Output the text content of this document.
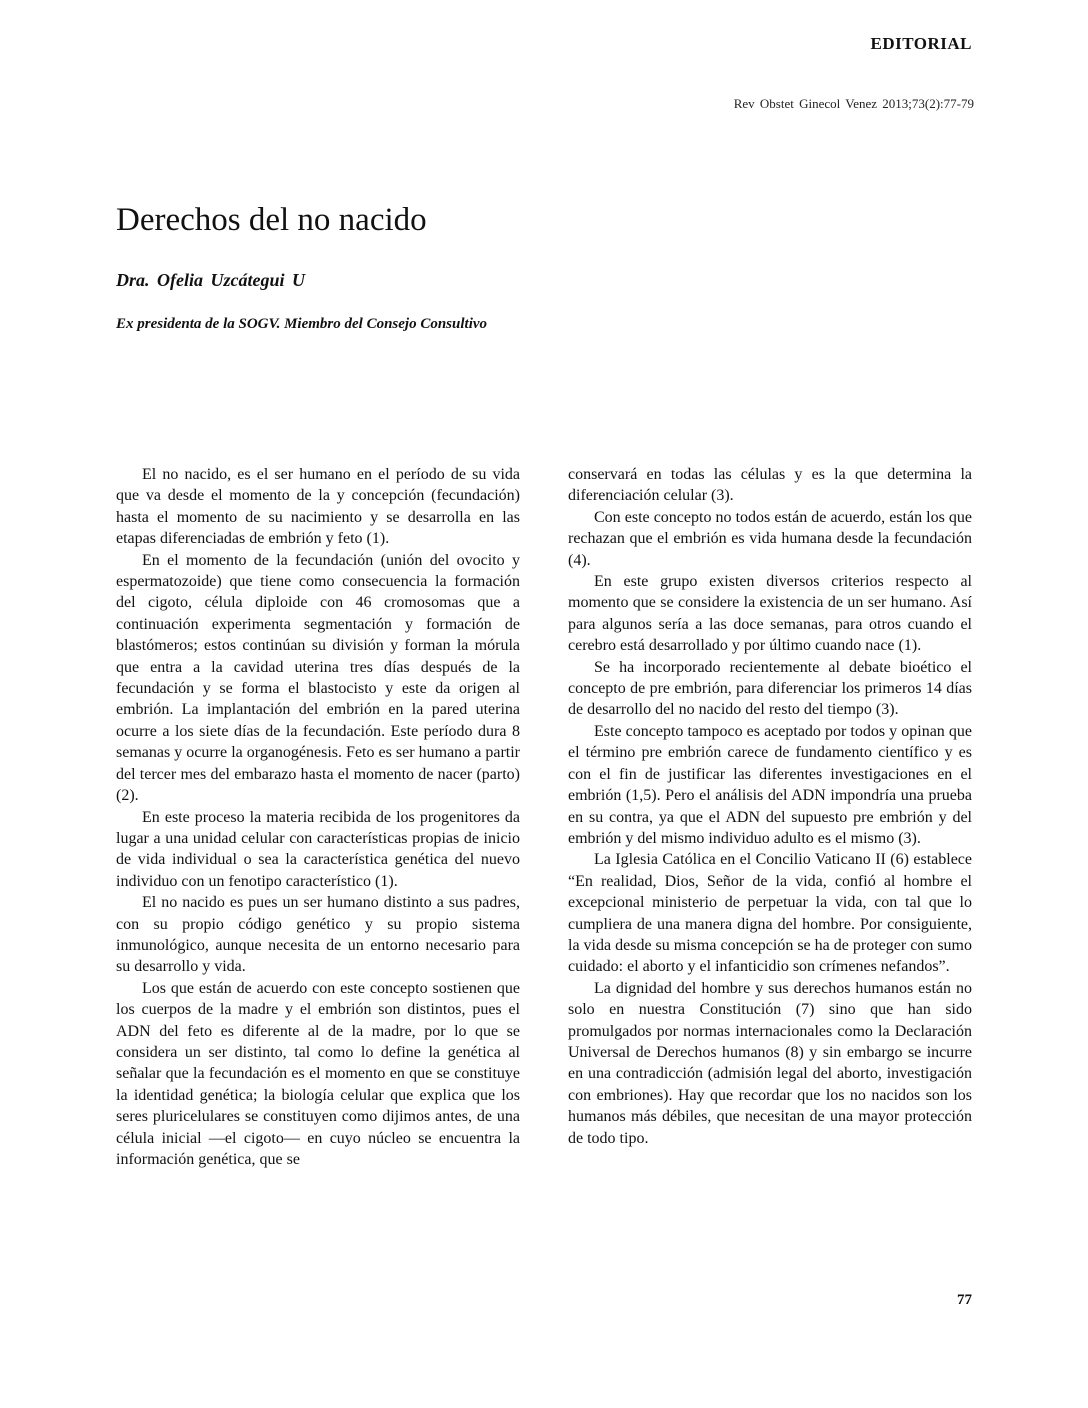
EDITORIAL
Rev Obstet Ginecol Venez 2013;73(2):77-79
Derechos del no nacido
Dra. Ofelia Uzcátegui U
Ex presidenta de la SOGV. Miembro del Consejo Consultivo

El no nacido, es el ser humano en el período de su vida que va desde el momento de la y concepción (fecundación) hasta el momento de su nacimiento y se desarrolla en las etapas diferenciadas de embrión y feto (1).

En el momento de la fecundación (unión del ovocito y espermatozoide) que tiene como consecuencia la formación del cigoto, célula diploide con 46 cromosomas que a continuación experimenta segmentación y formación de blastómeros; estos continúan su división y forman la mórula que entra a la cavidad uterina tres días después de la fecundación y se forma el blastocisto y este da origen al embrión. La implantación del embrión en la pared uterina ocurre a los siete días de la fecundación. Este período dura 8 semanas y ocurre la organogénesis. Feto es ser humano a partir del tercer mes del embarazo hasta el momento de nacer (parto) (2).

En este proceso la materia recibida de los progenitores da lugar a una unidad celular con características propias de inicio de vida individual o sea la característica genética del nuevo individuo con un fenotipo característico (1).

El no nacido es pues un ser humano distinto a sus padres, con su propio código genético y su propio sistema inmunológico, aunque necesita de un entorno necesario para su desarrollo y vida.

Los que están de acuerdo con este concepto sostienen que los cuerpos de la madre y el embrión son distintos, pues el ADN del feto es diferente al de la madre, por lo que se considera un ser distinto, tal como lo define la genética al señalar que la fecundación es el momento en que se constituye la identidad genética; la biología celular que explica que los seres pluricelulares se constituyen como dijimos antes, de una célula inicial —el cigoto— en cuyo núcleo se encuentra la información genética, que se

conservará en todas las células y es la que determina la diferenciación celular (3).

Con este concepto no todos están de acuerdo, están los que rechazan que el embrión es vida humana desde la fecundación (4).

En este grupo existen diversos criterios respecto al momento que se considere la existencia de un ser humano. Así para algunos sería a las doce semanas, para otros cuando el cerebro está desarrollado y por último cuando nace (1).

Se ha incorporado recientemente al debate bioético el concepto de pre embrión, para diferenciar los primeros 14 días de desarrollo del no nacido del resto del tiempo (3).

Este concepto tampoco es aceptado por todos y opinan que el término pre embrión carece de fundamento científico y es con el fin de justificar las diferentes investigaciones en el embrión (1,5). Pero el análisis del ADN impondría una prueba en su contra, ya que el ADN del supuesto pre embrión y del embrión y del mismo individuo adulto es el mismo (3).

La Iglesia Católica en el Concilio Vaticano II (6) establece “En realidad, Dios, Señor de la vida, confió al hombre el excepcional ministerio de perpetuar la vida, con tal que lo cumpliera de una manera digna del hombre. Por consiguiente, la vida desde su misma concepción se ha de proteger con sumo cuidado: el aborto y el infanticidio son crímenes nefandos”.

La dignidad del hombre y sus derechos humanos están no solo en nuestra Constitución (7) sino que han sido promulgados por normas internacionales como la Declaración Universal de Derechos humanos (8) y sin embargo se incurre en una contradicción (admisión legal del aborto, investigación con embriones). Hay que recordar que los no nacidos son los humanos más débiles, que necesitan de una mayor protección de todo tipo.

77
